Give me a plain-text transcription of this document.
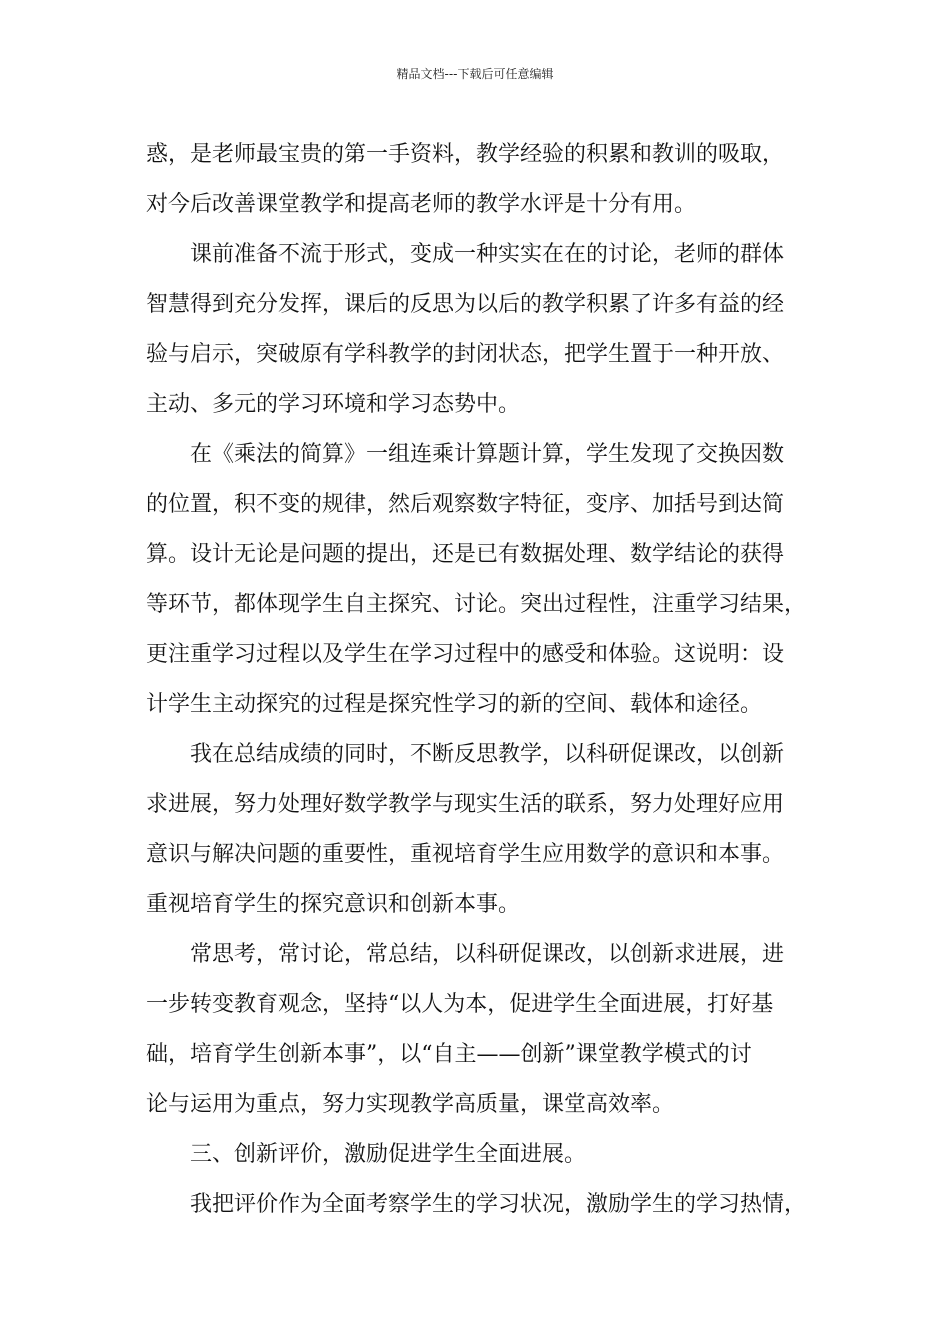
精品文档---下载后可任意编辑
惑，是老师最宝贵的第一手资料，教学经验的积累和教训的吸取，
对今后改善课堂教学和提高老师的教学水评是十分有用。
课前准备不流于形式，变成一种实实在在的讨论，老师的群体
智慧得到充分发挥，课后的反思为以后的教学积累了许多有益的经
验与启示，突破原有学科教学的封闭状态，把学生置于一种开放、
主动、多元的学习环境和学习态势中。
在《乘法的简算》一组连乘计算题计算，学生发现了交换因数
的位置，积不变的规律，然后观察数字特征，变序、加括号到达简
算。设计无论是问题的提出，还是已有数据处理、数学结论的获得
等环节，都体现学生自主探究、讨论。突出过程性，注重学习结果，
更注重学习过程以及学生在学习过程中的感受和体验。这说明：设
计学生主动探究的过程是探究性学习的新的空间、载体和途径。
我在总结成绩的同时，不断反思教学，以科研促课改，以创新
求进展，努力处理好数学教学与现实生活的联系，努力处理好应用
意识与解决问题的重要性，重视培育学生应用数学的意识和本事。
重视培育学生的探究意识和创新本事。
常思考，常讨论，常总结，以科研促课改，以创新求进展，进
一步转变教育观念，坚持“以人为本，促进学生全面进展，打好基
础，培育学生创新本事”，以“自主——创新”课堂教学模式的讨
论与运用为重点，努力实现教学高质量，课堂高效率。
三、创新评价，激励促进学生全面进展。
我把评价作为全面考察学生的学习状况，激励学生的学习热情，
